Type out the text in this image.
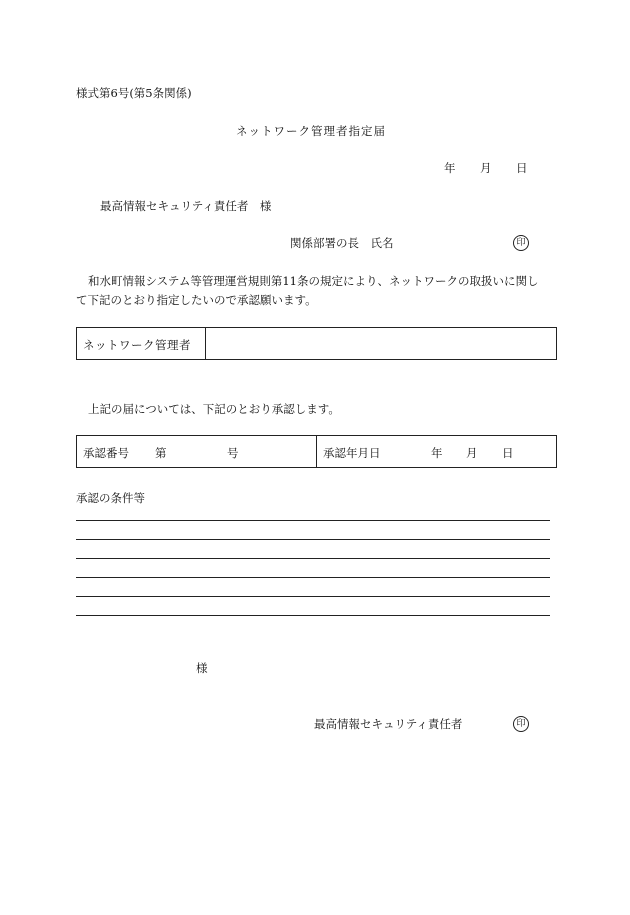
様式第6号(第5条関係)
ネットワーク管理者指定届
年 月 日
最高情報セキュリティ責任者　様
関係部署の長　氏名	印
和水町情報システム等管理運営規則第11条の規定により、ネットワークの取扱いに関し
て下記のとおり指定したいので承認願います。
ネットワーク管理者
上記の届については、下記のとおり承認します。
承認番号 第	号	承認年月日	年 月 日
承認の条件等
様
最高情報セキュリティ責任者	印
